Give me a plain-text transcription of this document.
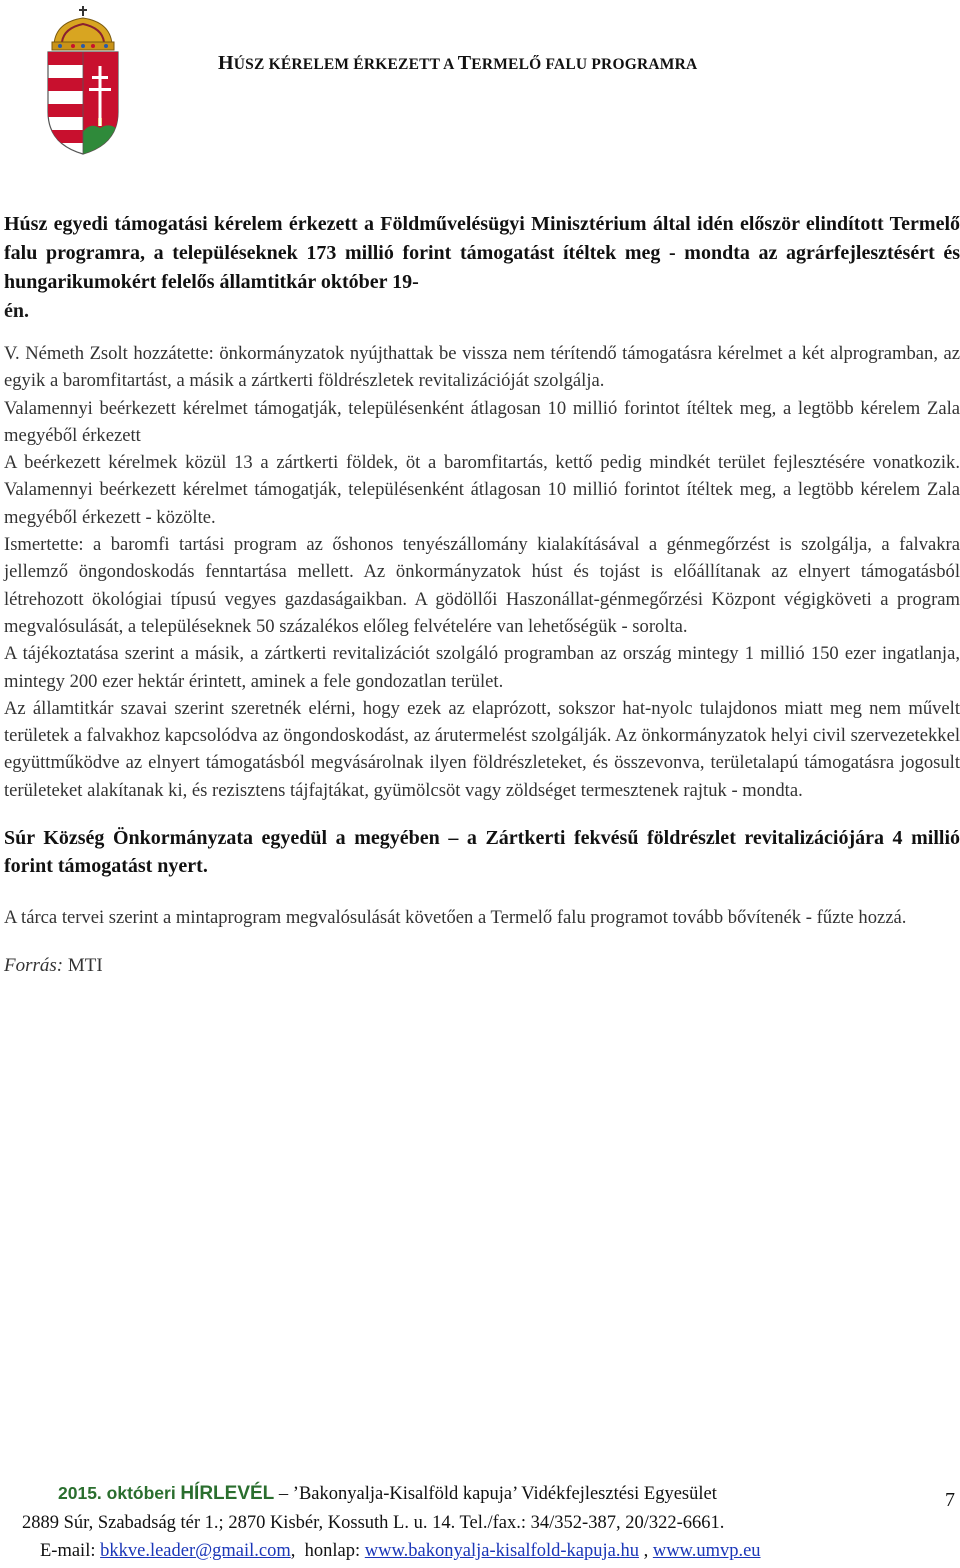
HÚSZ KÉRELEM ÉRKEZETT A TERMELŐ FALU PROGRAMRA

Húsz egyedi támogatási kérelem érkezett a Földművelésügyi Minisztérium által idén először elindított Termelő falu programra, a településeknek 173 millió forint támogatást ítéltek meg - mondta az agrárfejlesztésért és hungarikumokért felelős államtitkár október 19-

én.

V. Németh Zsolt hozzátette: önkormányzatok nyújthattak be vissza nem térítendő támogatásra kérelmet a két alprogramban, az egyik a baromfitartást, a másik a zártkerti földrészletek revitalizációját szolgálja.

Valamennyi beérkezett kérelmet támogatják, településenként átlagosan 10 millió forintot ítéltek meg, a legtöbb kérelem Zala megyéből érkezett

A beérkezett kérelmek közül 13 a zártkerti földek, öt a baromfitartás, kettő pedig mindkét terület fejlesztésére vonatkozik. Valamennyi beérkezett kérelmet támogatják, településenként átlagosan 10 millió forintot ítéltek meg, a legtöbb kérelem Zala megyéből érkezett - közölte.

Ismertette: a baromfi tartási program az őshonos tenyészállomány kialakításával a génmegőrzést is szolgálja, a falvakra jellemző öngondoskodás fenntartása mellett. Az önkormányzatok húst és tojást is előállítanak az elnyert támogatásból létrehozott ökológiai típusú vegyes gazdaságaikban. A gödöllői Haszonállat-génmegőrzési Központ végigköveti a program megvalósulását, a településeknek 50 százalékos előleg felvételére van lehetőségük - sorolta.

A tájékoztatása szerint a másik, a zártkerti revitalizációt szolgáló programban az ország mintegy 1 millió 150 ezer ingatlanja, mintegy 200 ezer hektár érintett, aminek a fele gondozatlan terület.

Az államtitkár szavai szerint szeretnék elérni, hogy ezek az elaprózott, sokszor hat-nyolc tulajdonos miatt meg nem művelt területek a falvakhoz kapcsolódva az öngondoskodást, az árutermelést szolgálják. Az önkormányzatok helyi civil szervezetekkel együttműködve az elnyert támogatásból megvásárolnak ilyen földrészleteket, és összevonva, területalapú támogatásra jogosult területeket alakítanak ki, és rezisztens tájfajtákat, gyümölcsöt vagy zöldséget termesztenek rajtuk - mondta.

Súr Község Önkormányzata egyedül a megyében – a Zártkerti fekvésű földrészlet revitalizációjára 4 millió forint támogatást nyert.

A tárca tervei szerint a mintaprogram megvalósulását követően a Termelő falu programot tovább bővítenék - fűzte hozzá.

Forrás: MTI

2015. októberi HÍRLEVÉL – ’Bakonyalja-Kisalföld kapuja’ Vidékfejlesztési Egyesület	7
2889 Súr, Szabadság tér 1.; 2870 Kisbér, Kossuth L. u. 14. Tel./fax.: 34/352-387, 20/322-6661.
E-mail: bkkve.leader@gmail.com,  honlap: www.bakonyalja-kisalfold-kapuja.hu , www.umvp.eu
